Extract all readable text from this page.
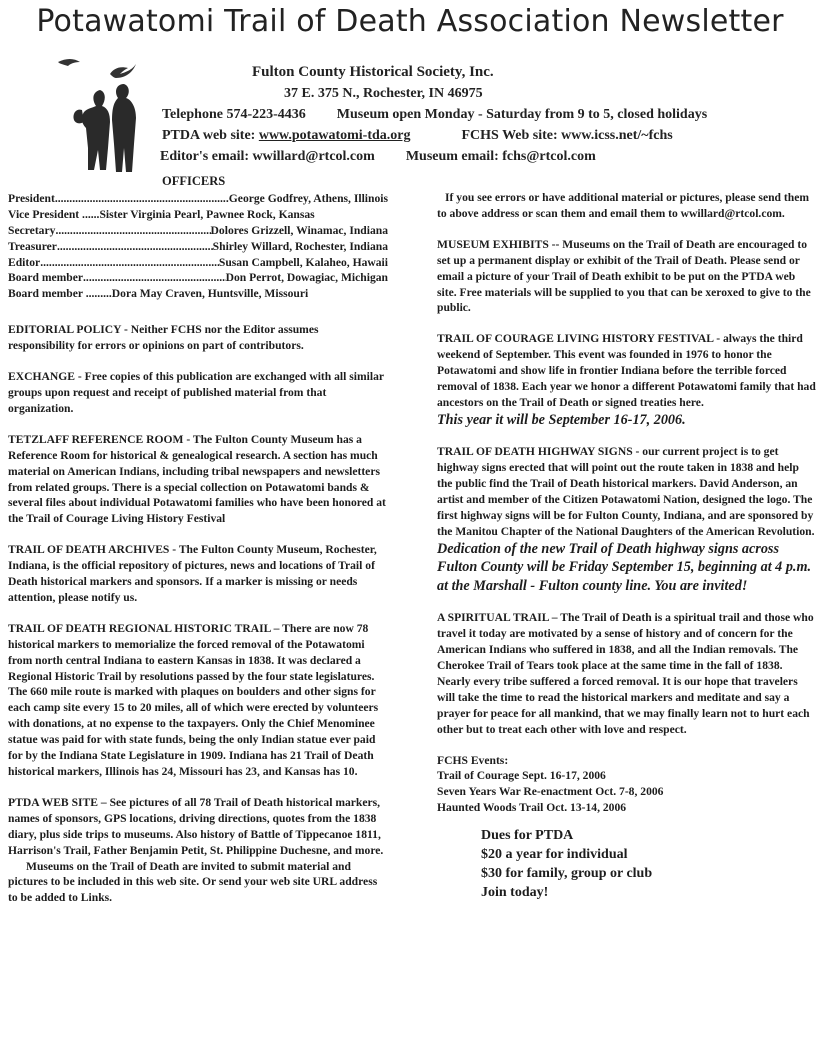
Potawatomi Trail of Death Association Newsletter
Fulton County Historical Society, Inc.
37 E. 375 N., Rochester, IN 46975
Telephone 574-223-4436 Museum open Monday - Saturday from 9 to 5, closed holidays
PTDA web site: www.potawatomi-tda.org	FCHS Web site: www.icss.net/~fchs
Editor's email: wwillard@rtcol.com Museum email: fchs@rtcol.com
OFFICERS
President .....	George Godfrey, Athens, Illinois
Vice President ...... Sister Virginia Pearl, Pawnee Rock, Kansas
Secretary .....	Dolores Grizzell, Winamac, Indiana
Treasurer .....	Shirley Willard, Rochester, Indiana
Editor .....	Susan Campbell, Kalaheo, Hawaii
Board member .....	Don Perrot, Dowagiac, Michigan
Board member ......... Dora May Craven, Huntsville, Missouri

EDITORIAL POLICY - Neither FCHS nor the Editor assumes responsibility for errors or opinions on part of contributors.

EXCHANGE - Free copies of this publication are exchanged with all similar groups upon request and receipt of published material from that organization.

TETZLAFF REFERENCE ROOM - The Fulton County Museum has a Reference Room for historical & genealogical research. A section has much material on American Indians, including tribal newspapers and newsletters from related groups. There is a special collection on Potawatomi bands & several files about individual Potawatomi families who have been honored at the Trail of Courage Living History Festival

TRAIL OF DEATH ARCHIVES - The Fulton County Museum, Rochester, Indiana, is the official repository of pictures, news and locations of Trail of Death historical markers and sponsors. If a marker is missing or needs attention, please notify us.

TRAIL OF DEATH REGIONAL HISTORIC TRAIL – There are now 78 historical markers to memorialize the forced removal of the Potawatomi from north central Indiana to eastern Kansas in 1838. It was declared a Regional Historic Trail by resolutions passed by the four state legislatures. The 660 mile route is marked with plaques on boulders and other signs for each camp site every 15 to 20 miles, all of which were erected by volunteers with donations, at no expense to the taxpayers. Only the Chief Menominee statue was paid for with state funds, being the only Indian statue ever paid for by the Indiana State Legislature in 1909. Indiana has 21 Trail of Death historical markers, Illinois has 24, Missouri has 23, and Kansas has 10.

PTDA WEB SITE – See pictures of all 78 Trail of Death historical markers, names of sponsors, GPS locations, driving directions, quotes from the 1838 diary, plus side trips to museums. Also history of Battle of Tippecanoe 1811, Harrison's Trail, Father Benjamin Petit, St. Philippine Duchesne, and more.

Museums on the Trail of Death are invited to submit material and pictures to be included in this web site. Or send your web site URL address to be added to Links.

If you see errors or have additional material or pictures, please send them to above address or scan them and email them to wwillard@rtcol.com.

MUSEUM EXHIBITS -- Museums on the Trail of Death are encouraged to set up a permanent display or exhibit of the Trail of Death. Please send or email a picture of your Trail of Death exhibit to be put on the PTDA web site. Free materials will be supplied to you that can be xeroxed to give to the public.

TRAIL OF COURAGE LIVING HISTORY FESTIVAL - always the third weekend of September. This event was founded in 1976 to honor the Potawatomi and show life in frontier Indiana before the terrible forced removal of 1838. Each year we honor a different Potawatomi family that had ancestors on the Trail of Death or signed treaties here.
This year it will be September 16-17, 2006.
TRAIL OF DEATH HIGHWAY SIGNS - our current project is to get highway signs erected that will point out the route taken in 1838 and help the public find the Trail of Death historical markers. David Anderson, an artist and member of the Citizen Potawatomi Nation, designed the logo. The first highway signs will be for Fulton County, Indiana, and are sponsored by the Manitou Chapter of the National Daughters of the American Revolution. Dedication of the new Trail of Death highway signs across Fulton County will be Friday September 15, beginning at 4 p.m. at the Marshall - Fulton county line. You are invited!

A SPIRITUAL TRAIL – The Trail of Death is a spiritual trail and those who travel it today are motivated by a sense of history and of concern for the American Indians who suffered in 1838, and all the Indian removals. The Cherokee Trail of Tears took place at the same time in the fall of 1838. Nearly every tribe suffered a forced removal. It is our hope that travelers will take the time to read the historical markers and meditate and say a prayer for peace for all mankind, that we may finally learn not to hurt each other but to treat each other with love and respect.

FCHS Events:
Trail of Courage Sept. 16-17, 2006
Seven Years War Re-enactment Oct. 7-8, 2006
Haunted Woods Trail Oct. 13-14, 2006
Dues for PTDA
$20 a year for individual
$30 for family, group or club
Join today!
